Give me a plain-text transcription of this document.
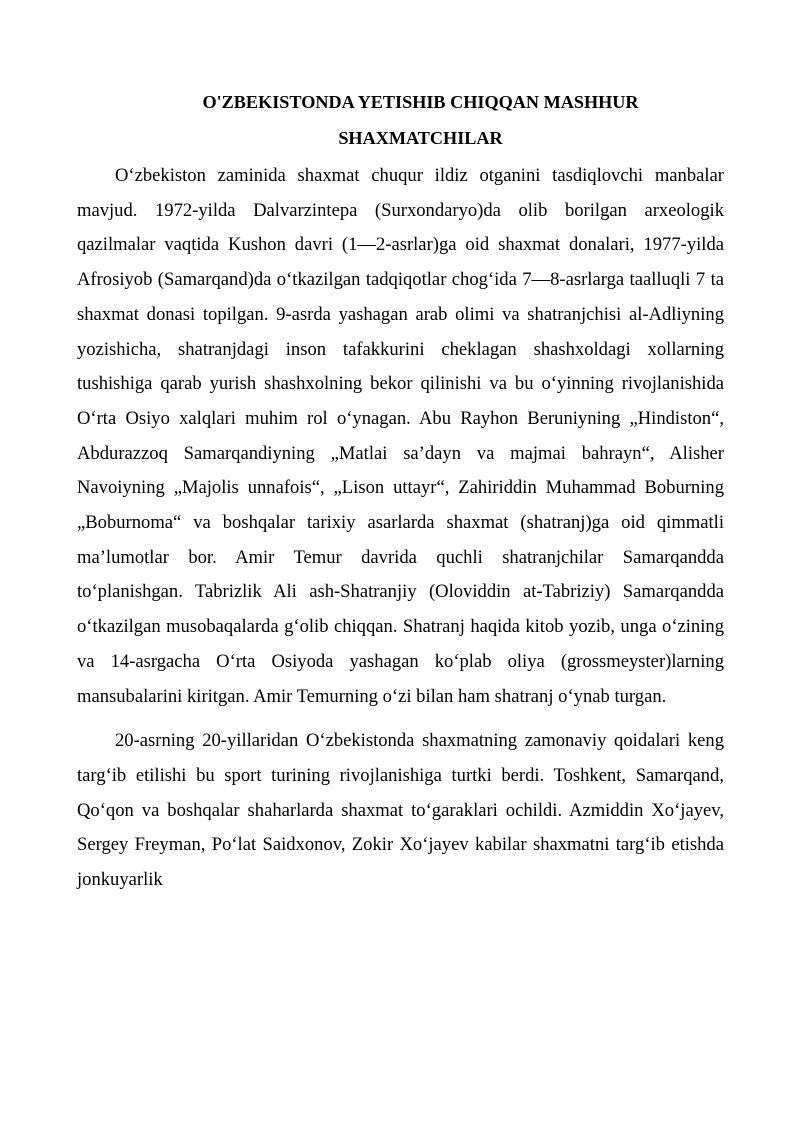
O'ZBEKISTONDA YETISHIB CHIQQAN MASHHUR
SHAXMATCHILAR

O‘zbekiston zaminida shaxmat chuqur ildiz otganini tasdiqlovchi manbalar mavjud. 1972-yilda Dalvarzintepa (Surxondaryo)da olib borilgan arxeologik qazilmalar vaqtida Kushon davri (1—2-asrlar)ga oid shaxmat donalari, 1977-yilda Afrosiyob (Samarqand)da o‘tkazilgan tadqiqotlar chog‘ida 7—8-asrlarga taalluqli 7 ta shaxmat donasi topilgan. 9-asrda yashagan arab olimi va shatranjchisi al-Adliyning yozishicha, shatranjdagi inson tafakkurini cheklagan shashxoldagi xollarning tushishiga qarab yurish shashxolning bekor qilinishi va bu o‘yinning rivojlanishida O‘rta Osiyo xalqlari muhim rol o‘ynagan. Abu Rayhon Beruniyning „Hindiston“, Abdurazzoq Samarqandiyning „Matlai sa’dayn va majmai bahrayn“, Alisher Navoiyning „Majolis unnafois“, „Lison uttayr“, Zahiriddin Muhammad Boburning „Boburnoma“ va boshqalar tarixiy asarlarda shaxmat (shatranj)ga oid qimmatli ma’lumotlar bor. Amir Temur davrida quchli shatranjchilar Samarqandda to‘planishgan. Tabrizlik Ali ash-Shatranjiy (Oloviddin at-Tabriziy) Samarqandda o‘tkazilgan musobaqalarda g‘olib chiqqan. Shatranj haqida kitob yozib, unga o‘zining va 14-asrgacha O‘rta Osiyoda yashagan ko‘plab oliya (grossmeyster)larning mansubalarini kiritgan. Amir Temurning o‘zi bilan ham shatranj o‘ynab turgan.

20-asrning 20-yillaridan O‘zbekistonda shaxmatning zamonaviy qoidalari keng targ‘ib etilishi bu sport turining rivojlanishiga turtki berdi. Toshkent, Samarqand, Qo‘qon va boshqalar shaharlarda shaxmat to‘garaklari ochildi. Azmiddin Xo‘jayev, Sergey Freyman, Po‘lat Saidxonov, Zokir Xo‘jayev kabilar shaxmatni targ‘ib etishda jonkuyarlik
